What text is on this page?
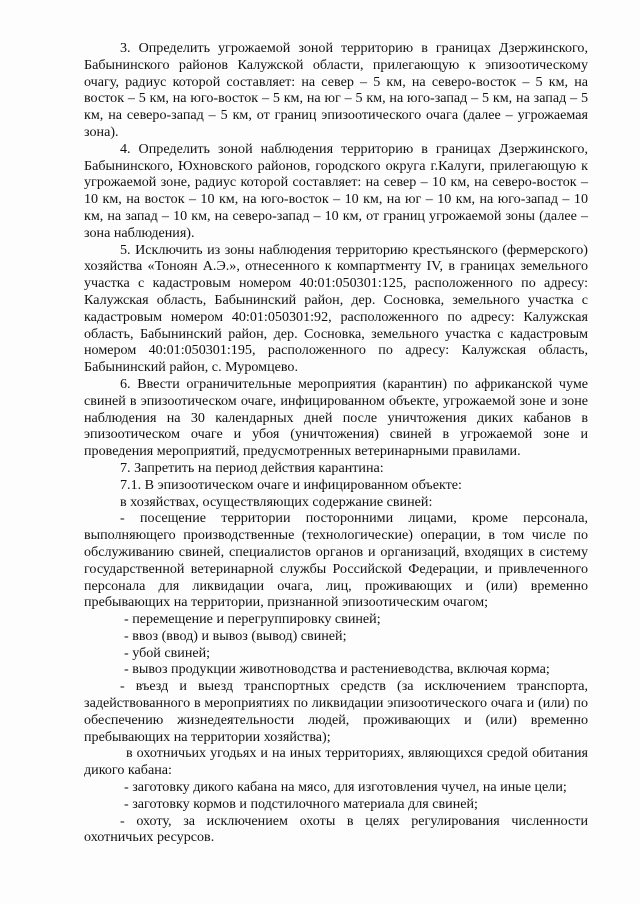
3. Определить угрожаемой зоной территорию в границах Дзержинского, Бабынинского районов Калужской области, прилегающую к эпизоотическому очагу, радиус которой составляет: на север – 5 км, на северо-восток – 5 км, на восток – 5 км, на юго-восток – 5 км, на юг – 5 км, на юго-запад – 5 км, на запад – 5 км, на северо-запад – 5 км, от границ эпизоотического очага (далее – угрожаемая зона).

4. Определить зоной наблюдения территорию в границах Дзержинского, Бабынинского, Юхновского районов, городского округа г.Калуги, прилегающую к угрожаемой зоне, радиус которой составляет: на север – 10 км, на северо-восток – 10 км, на восток – 10 км, на юго-восток – 10 км, на юг – 10 км, на юго-запад – 10 км, на запад – 10 км, на северо-запад – 10 км, от границ угрожаемой зоны (далее – зона наблюдения).

5. Исключить из зоны наблюдения территорию крестьянского (фермерского) хозяйства «Тоноян А.Э.», отнесенного к компартменту IV, в границах земельного участка с кадастровым номером 40:01:050301:125, расположенного по адресу: Калужская область, Бабынинский район, дер. Сосновка, земельного участка с кадастровым номером 40:01:050301:92, расположенного по адресу: Калужская область, Бабынинский район, дер. Сосновка, земельного участка с кадастровым номером 40:01:050301:195, расположенного по адресу: Калужская область, Бабынинский район, с. Муромцево.

6. Ввести ограничительные мероприятия (карантин) по африканской чуме свиней в эпизоотическом очаге, инфицированном объекте, угрожаемой зоне и зоне наблюдения на 30 календарных дней после уничтожения диких кабанов в эпизоотическом очаге и убоя (уничтожения) свиней в угрожаемой зоне и проведения мероприятий, предусмотренных ветеринарными правилами.

7. Запретить на период действия карантина:

7.1. В эпизоотическом очаге и инфицированном объекте:

в хозяйствах, осуществляющих содержание свиней:

- посещение территории посторонними лицами, кроме персонала, выполняющего производственные (технологические) операции, в том числе по обслуживанию свиней, специалистов органов и организаций, входящих в систему государственной ветеринарной службы Российской Федерации, и привлеченного персонала для ликвидации очага, лиц, проживающих и (или) временно пребывающих на территории, признанной эпизоотическим очагом;

- перемещение и перегруппировку свиней;

- ввоз (ввод) и вывоз (вывод) свиней;

- убой свиней;

- вывоз продукции животноводства и растениеводства, включая корма;

- въезд и выезд транспортных средств (за исключением транспорта, задействованного в мероприятиях по ликвидации эпизоотического очага и (или) по обеспечению жизнедеятельности людей, проживающих и (или) временно пребывающих на территории хозяйства);

в охотничьих угодьях и на иных территориях, являющихся средой обитания дикого кабана:

- заготовку дикого кабана на мясо, для изготовления чучел, на иные цели;

- заготовку кормов и подстилочного материала для свиней;

- охоту, за исключением охоты в целях регулирования численности охотничьих ресурсов.
